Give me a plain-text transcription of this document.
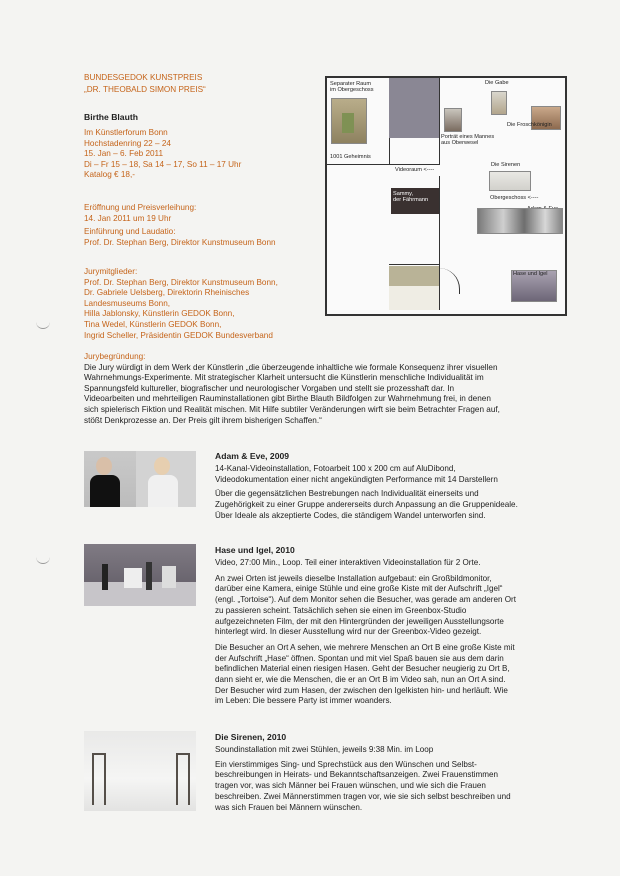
BUNDESGEDOK KUNSTPREIS
„DR. THEOBALD SIMON PREIS“
Birthe Blauth
Im Künstlerforum Bonn
Hochstadenring 22 – 24
15. Jan – 6. Feb 2011
Di – Fr 15 – 18, Sa 14 – 17, So 11 – 17 Uhr
Katalog € 18,-
Eröffnung und Preisverleihung:
14. Jan 2011 um 19 Uhr
Einführung und Laudatio:
Prof. Dr. Stephan Berg, Direktor Kunstmuseum Bonn
Jurymitglieder:
Prof. Dr. Stephan Berg, Direktor Kunstmuseum Bonn,
Dr. Gabriele Uelsberg, Direktorin Rheinisches
Landesmuseums Bonn,
Hilla Jablonsky, Künstlerin GEDOK Bonn,
Tina Wedel, Künstlerin GEDOK Bonn,
Ingrid Scheller, Präsidentin GEDOK Bundesverband
Jurybegründung:
Die Jury würdigt in dem Werk der Künstlerin „die überzeugende inhaltliche wie formale Konsequenz ihrer visuellen
Wahrnehmungs-Experimente. Mit strategischer Klarheit untersucht die Künstlerin menschliche Individualität im
Spannungsfeld kultureller, biografischer und neurologischer Vorgaben und stellt sie prozesshaft dar. In
Videoarbeiten und mehrteiligen Rauminstallationen gibt Birthe Blauth Bildfolgen zur Wahrnehmung frei, in denen
sich spielerisch Fiktion und Realität mischen. Mit Hilfe subtiler Veränderungen wirft sie beim Betrachter Fragen auf,
stößt Denkprozesse an. Der Preis gilt ihrem bisherigen Schaffen.“
Separater Raum
im Obergeschoss
1001 Geheimnis
Videoraum <----
Sammy,
der Fährmann
Die Gabe
Porträt eines Mannes
aus Oberwesel
Die Froschkönigin
Die Sirenen
Obergeschoss <----
Hase und Igel
Adam & Eve, 2009
14-Kanal-Videoinstallation, Fotoarbeit 100 x 200 cm auf AluDibond,
Videodokumentation einer nicht angekündigten Performance mit 14 Darstellern
Über die gegensätzlichen Bestrebungen nach Individualität einerseits und
Zugehörigkeit zu einer Gruppe andererseits durch Anpassung an die Gruppenideale.
Über Ideale als akzeptierte Codes, die ständigem Wandel unterworfen sind.
Hase und Igel, 2010
Video, 27:00 Min., Loop. Teil einer interaktiven Videoinstallation für 2 Orte.
An zwei Orten ist jeweils dieselbe Installation aufgebaut: ein Großbildmonitor,
darüber eine Kamera, einige Stühle und eine große Kiste mit der Aufschrift „Igel“
(engl. „Tortoise“). Auf dem Monitor sehen die Besucher, was gerade am anderen Ort
zu passieren scheint. Tatsächlich sehen sie einen im Greenbox-Studio
aufgezeichneten Film, der mit den Hintergründen der jeweiligen Ausstellungsorte
hinterlegt wird. In dieser Ausstellung wird nur der Greenbox-Video gezeigt.
Die Besucher an Ort A sehen, wie mehrere Menschen an Ort B eine große Kiste mit
der Aufschrift „Hase“ öffnen. Spontan und mit viel Spaß bauen sie aus dem darin
befindlichen Material einen riesigen Hasen. Geht der Besucher neugierig zu Ort B,
dann sieht er, wie die Menschen, die er an Ort B im Video sah, nun an Ort A sind.
Der Besucher wird zum Hasen, der zwischen den Igelkisten hin- und herläuft. Wie
im Leben: Die bessere Party ist immer woanders.
Die Sirenen, 2010
Soundinstallation mit zwei Stühlen, jeweils 9:38 Min. im Loop
Ein vierstimmiges Sing- und Sprechstück aus den Wünschen und Selbst-
beschreibungen in Heirats- und Bekanntschaftsanzeigen. Zwei Frauenstimmen
tragen vor, was sich Männer bei Frauen wünschen, und wie sich die Frauen
beschreiben. Zwei Männerstimmen tragen vor, wie sie sich selbst beschreiben und
was sich Frauen bei Männern wünschen.
